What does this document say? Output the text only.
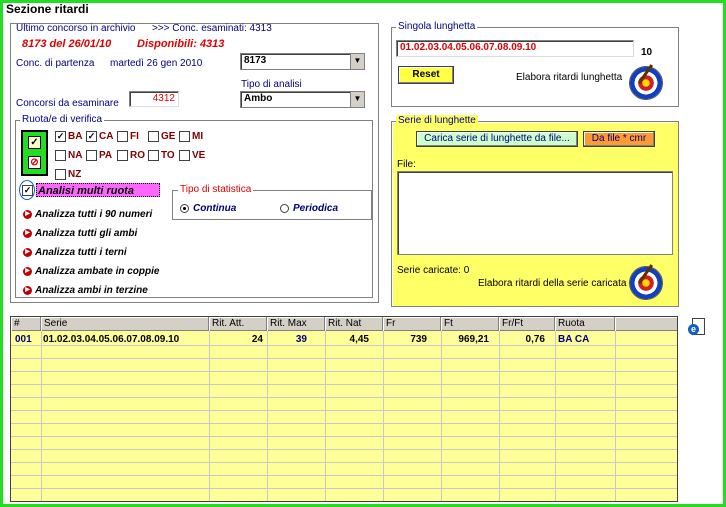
Sezione ritardi
Ultimo concorso in archivio >>> Conc. esaminati: 4313
8173 del 26/01/10 Disponibili: 4313
Conc. di partenza martedì 26 gen 2010	8173	▼
Tipo di analisi
Ambo	▼
Concorsi da esaminare	4312
Ruota/e di verifica
✓
⊘
✓ BA ✓ CA FI GE MI
NA PA RO TO VE
NZ
✓ Analisi multi ruota	Tipo di statistica
Continua	Periodica
▶ Analizza tutti i 90 numeri
▶ Analizza tutti gli ambi
▶ Analizza tutti i terni
▶ Analizza ambate in coppie
▶ Analizza ambi in terzine
Singola lunghetta
01.02.03.04.05.06.07.08.09.10	10
Reset	Elabora ritardi lunghetta
Serie di lunghette
Carica serie di lunghette da file...	Da file * cmr
File:
Serie caricate: 0
Elabora ritardi della serie caricata
e
#	Serie	Rit. Att.	Rit. Max	Rit. Nat	Fr	Ft	Fr/Ft	Ruota
001 01.02.03.04.05.06.07.08.09.10	24	39	4,45	739	969,21	0,76 BA CA
